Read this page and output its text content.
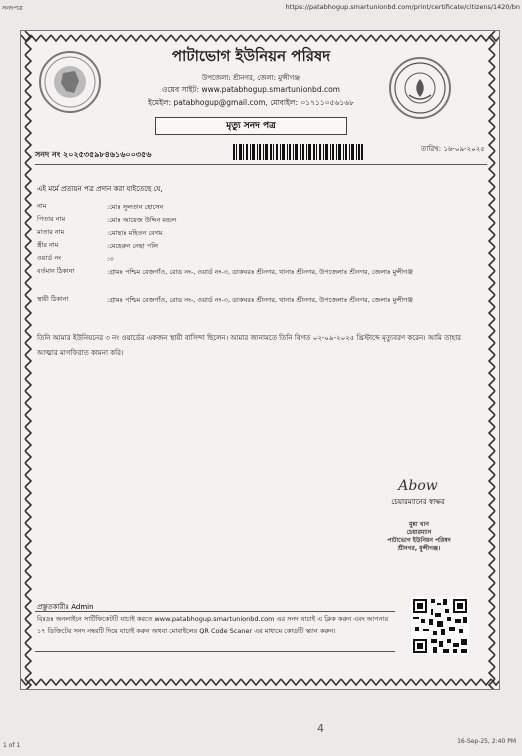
সনদপত্র	https://patabhogup.smartunionbd.com/print/certificate/citizens/1420/bn
পাটাভোগ ইউনিয়ন পরিষদ
উপজেলা: শ্রীনগর, জেলা: মুন্সীগঞ্জ
ওয়েব সাইট: www.patabhogup.smartunionbd.com
ইমেইল: patabhogup@gmail.com, মোবাইল: ০১৭১১০৫৬১৬৮
মৃত্যু সনদ পত্র
সনদ নং ২০২৫৩৫৯৮৪৬১৬০০৩৫৬
তারিখ: ১৬-০৯-২০২৫
এই মর্মে প্রত্যয়ন পত্র প্রদান করা যাইতেছে যে,
নাম	:মোঃ সুলতান হোসেন
পিতার নাম	:মোঃ আয়েজ উদ্দিন মন্ডল
মাতার নাম	:মোছাঃ মহিতন বেগম
স্ত্রীর নাম	:মেহেরুন নেছা পলি
ওয়ার্ড নং	:৩
বর্তমান ঠিকানা	:গ্রামঃ পশ্চিম বেজগাঁও, রোড নং-, ওয়ার্ড নং-৩, ডাকঘরঃ শ্রীনগর, থানাঃ শ্রীনগর, উপজেলাঃ শ্রীনগর, জেলাঃ মুন্সীগঞ্জ
স্থায়ী ঠিকানা	:গ্রামঃ পশ্চিম বেজগাঁও, রোড নং-, ওয়ার্ড নং-৩, ডাকঘরঃ শ্রীনগর, থানাঃ শ্রীনগর, উপজেলাঃ শ্রীনগর, জেলাঃ মুন্সীগঞ্জ
তিনি আমার ইউনিয়নের ৩ নং ওয়ার্ডের একজন স্থায়ী বাসিন্দা ছিলেন। আমার জানামতে তিনি বিগত ০২-০৯-২০২৫ খ্রিস্টাব্দে মৃত্যুবরণ করেন। আমি তাহার আত্মার মাগফিরাত কামনা করি।
Abow
চেয়ারম্যানের স্বাক্ষর
মুন্না খান
চেয়ারম্যান
পাটাভোগ ইউনিয়ন পরিষদ
শ্রীনগর, মুন্সীগঞ্জ।
প্রস্তুতকারীঃ Admin
বিঃদ্রঃ অনলাইনে সার্টিফিকেটটি যাচাই করতে www.patabhogup.smartunionbd.com এর সনদ যাচাই এ ক্লিক করুন এবং আপনার ১৭ ডিজিটের সনদ নম্বরটি দিয়ে যাচাই করুন অথবা মোবাইলের QR Code Scaner এর মাধ্যমে কোডটি স্ক্যান করুন।
4
1 of 1
16-Sep-25, 2:40 PM
